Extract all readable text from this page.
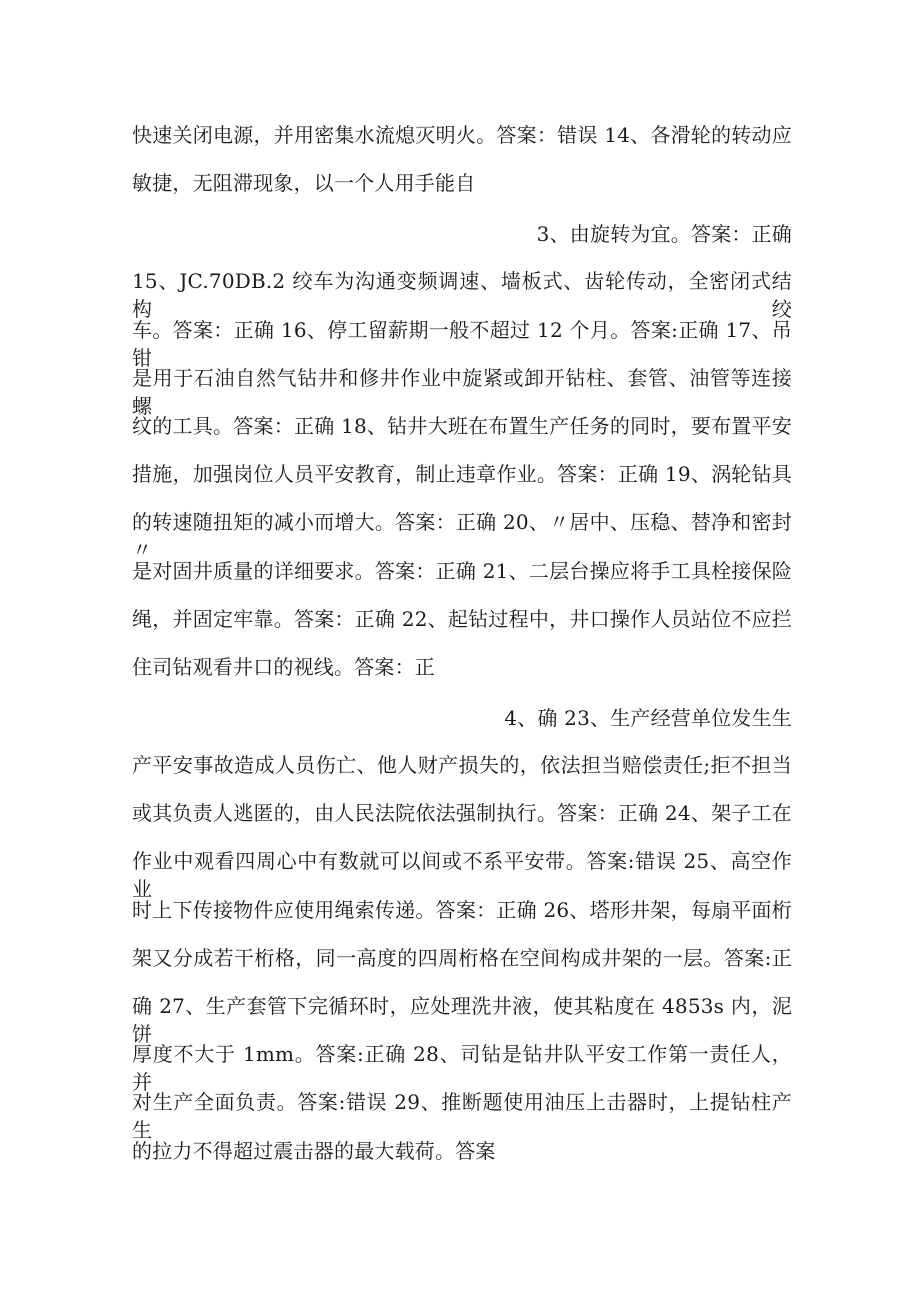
快速关闭电源，并用密集水流熄灭明火。答案：错误 14、各滑轮的转动应
敏捷，无阻滞现象，以一个人用手能自
3、由旋转为宜。答案：正确
15、JC.70DB.2 绞车为沟通变频调速、墙板式、齿轮传动，全密闭式结构绞
车。答案：正确 16、停工留薪期一般不超过 12 个月。答案:正确 17、吊钳
是用于石油自然气钻井和修井作业中旋紧或卸开钻柱、套管、油管等连接螺
纹的工具。答案：正确 18、钻井大班在布置生产任务的同时，要布置平安
措施，加强岗位人员平安教育，制止违章作业。答案：正确 19、涡轮钻具
的转速随扭矩的减小而增大。答案：正确 20、〃居中、压稳、替净和密封〃
是对固井质量的详细要求。答案：正确 21、二层台操应将手工具栓接保险
绳，并固定牢靠。答案：正确 22、起钻过程中，井口操作人员站位不应拦
住司钻观看井口的视线。答案：正
4、确 23、生产经营单位发生生
产平安事故造成人员伤亡、他人财产损失的，依法担当赔偿责任;拒不担当
或其负责人逃匿的，由人民法院依法强制执行。答案：正确 24、架子工在
作业中观看四周心中有数就可以间或不系平安带。答案:错误 25、高空作业
时上下传接物件应使用绳索传递。答案：正确 26、塔形井架，每扇平面桁
架又分成若干桁格，同一高度的四周桁格在空间构成井架的一层。答案:正
确 27、生产套管下完循环时，应处理洗井液，使其粘度在 4853s 内，泥饼
厚度不大于 1mm。答案:正确 28、司钻是钻井队平安工作第一责任人，并
对生产全面负责。答案:错误 29、推断题使用油压上击器时，上提钻柱产生
的拉力不得超过震击器的最大载荷。答案
